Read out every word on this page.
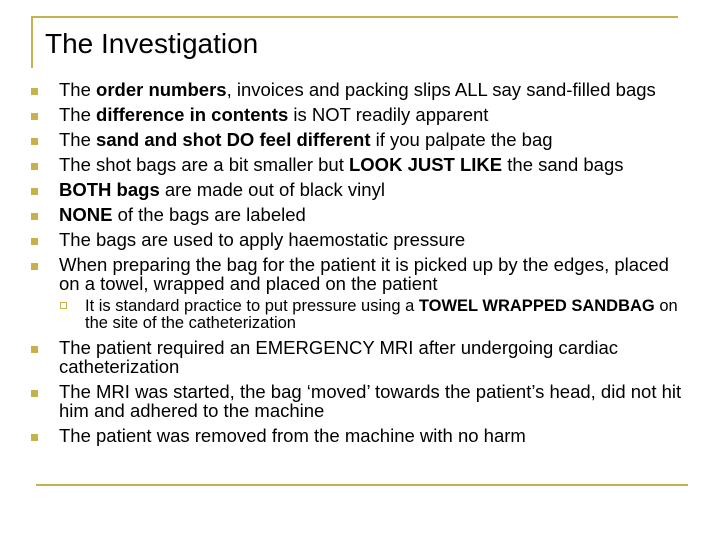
The Investigation
The order numbers, invoices and packing slips ALL say sand-filled bags
The difference in contents is NOT readily apparent
The sand and shot DO feel different if you palpate the bag
The shot bags are a bit smaller but LOOK JUST LIKE the sand bags
BOTH bags are made out of black vinyl
NONE of the bags are labeled
The bags are used to apply haemostatic pressure
When preparing the bag for the patient it is picked up by the edges, placed on a towel, wrapped and placed on the patient
It is standard practice to put pressure using a TOWEL WRAPPED SANDBAG on the site of the catheterization
The patient required an EMERGENCY MRI after undergoing cardiac catheterization
The MRI was started, the bag ‘moved’ towards the patient’s head, did not hit him and adhered to the machine
The patient was removed from the machine with no harm
